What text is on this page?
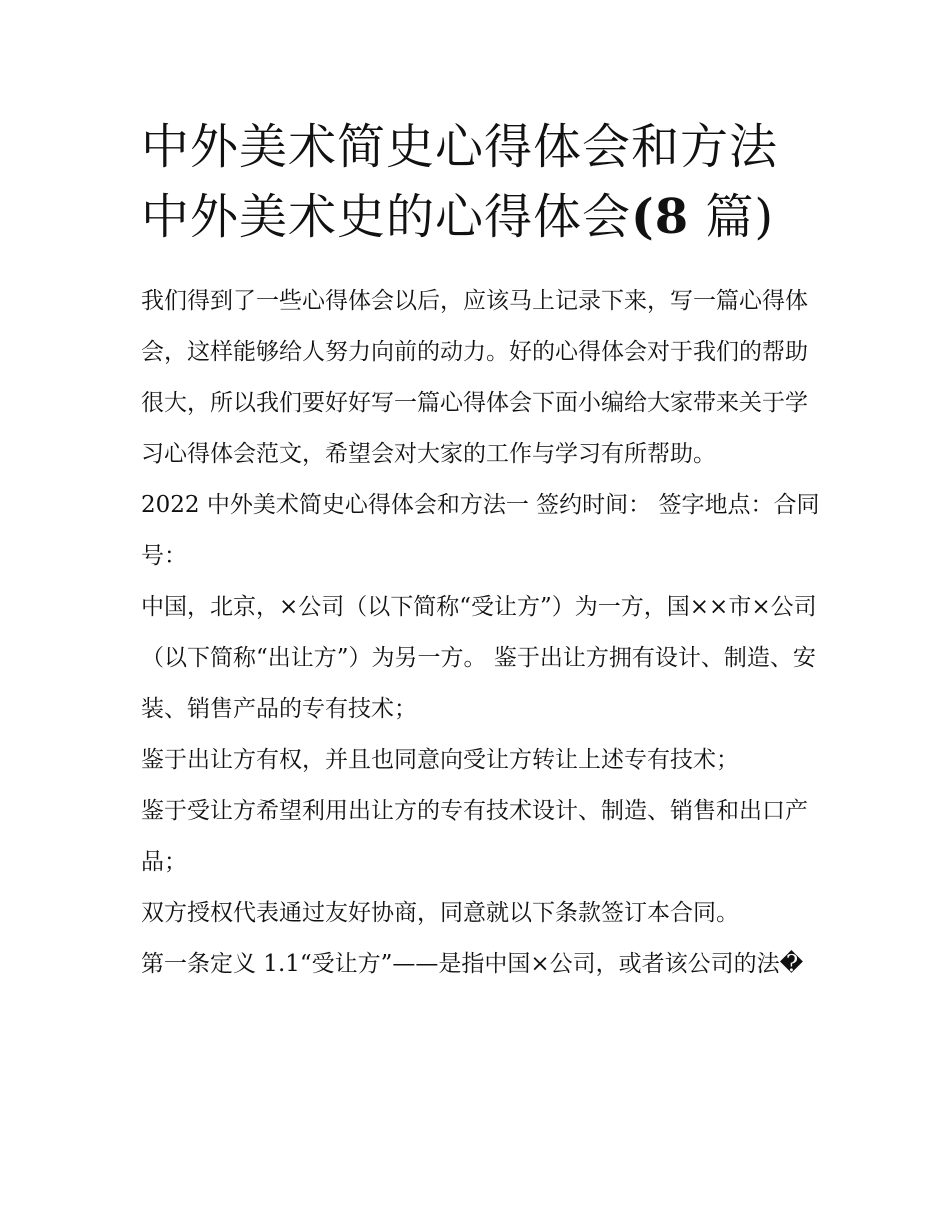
中外美术简史心得体会和方法
中外美术史的心得体会(8 篇)

我们得到了一些心得体会以后，应该马上记录下来，写一篇心得体会，这样能够给人努力向前的动力。好的心得体会对于我们的帮助很大，所以我们要好好写一篇心得体会下面小编给大家带来关于学习心得体会范文，希望会对大家的工作与学习有所帮助。

2022 中外美术简史心得体会和方法一 签约时间： 签字地点：合同号：

中国，北京，×公司（以下简称“受让方”）为一方，国××市×公司（以下简称“出让方”）为另一方。 鉴于出让方拥有设计、制造、安装、销售产品的专有技术；

鉴于出让方有权，并且也同意向受让方转让上述专有技术；

鉴于受让方希望利用出让方的专有技术设计、制造、销售和出口产品；

双方授权代表通过友好协商，同意就以下条款签订本合同。

第一条定义 1.1“受让方”——是指中国×公司，或者该公司的法�
